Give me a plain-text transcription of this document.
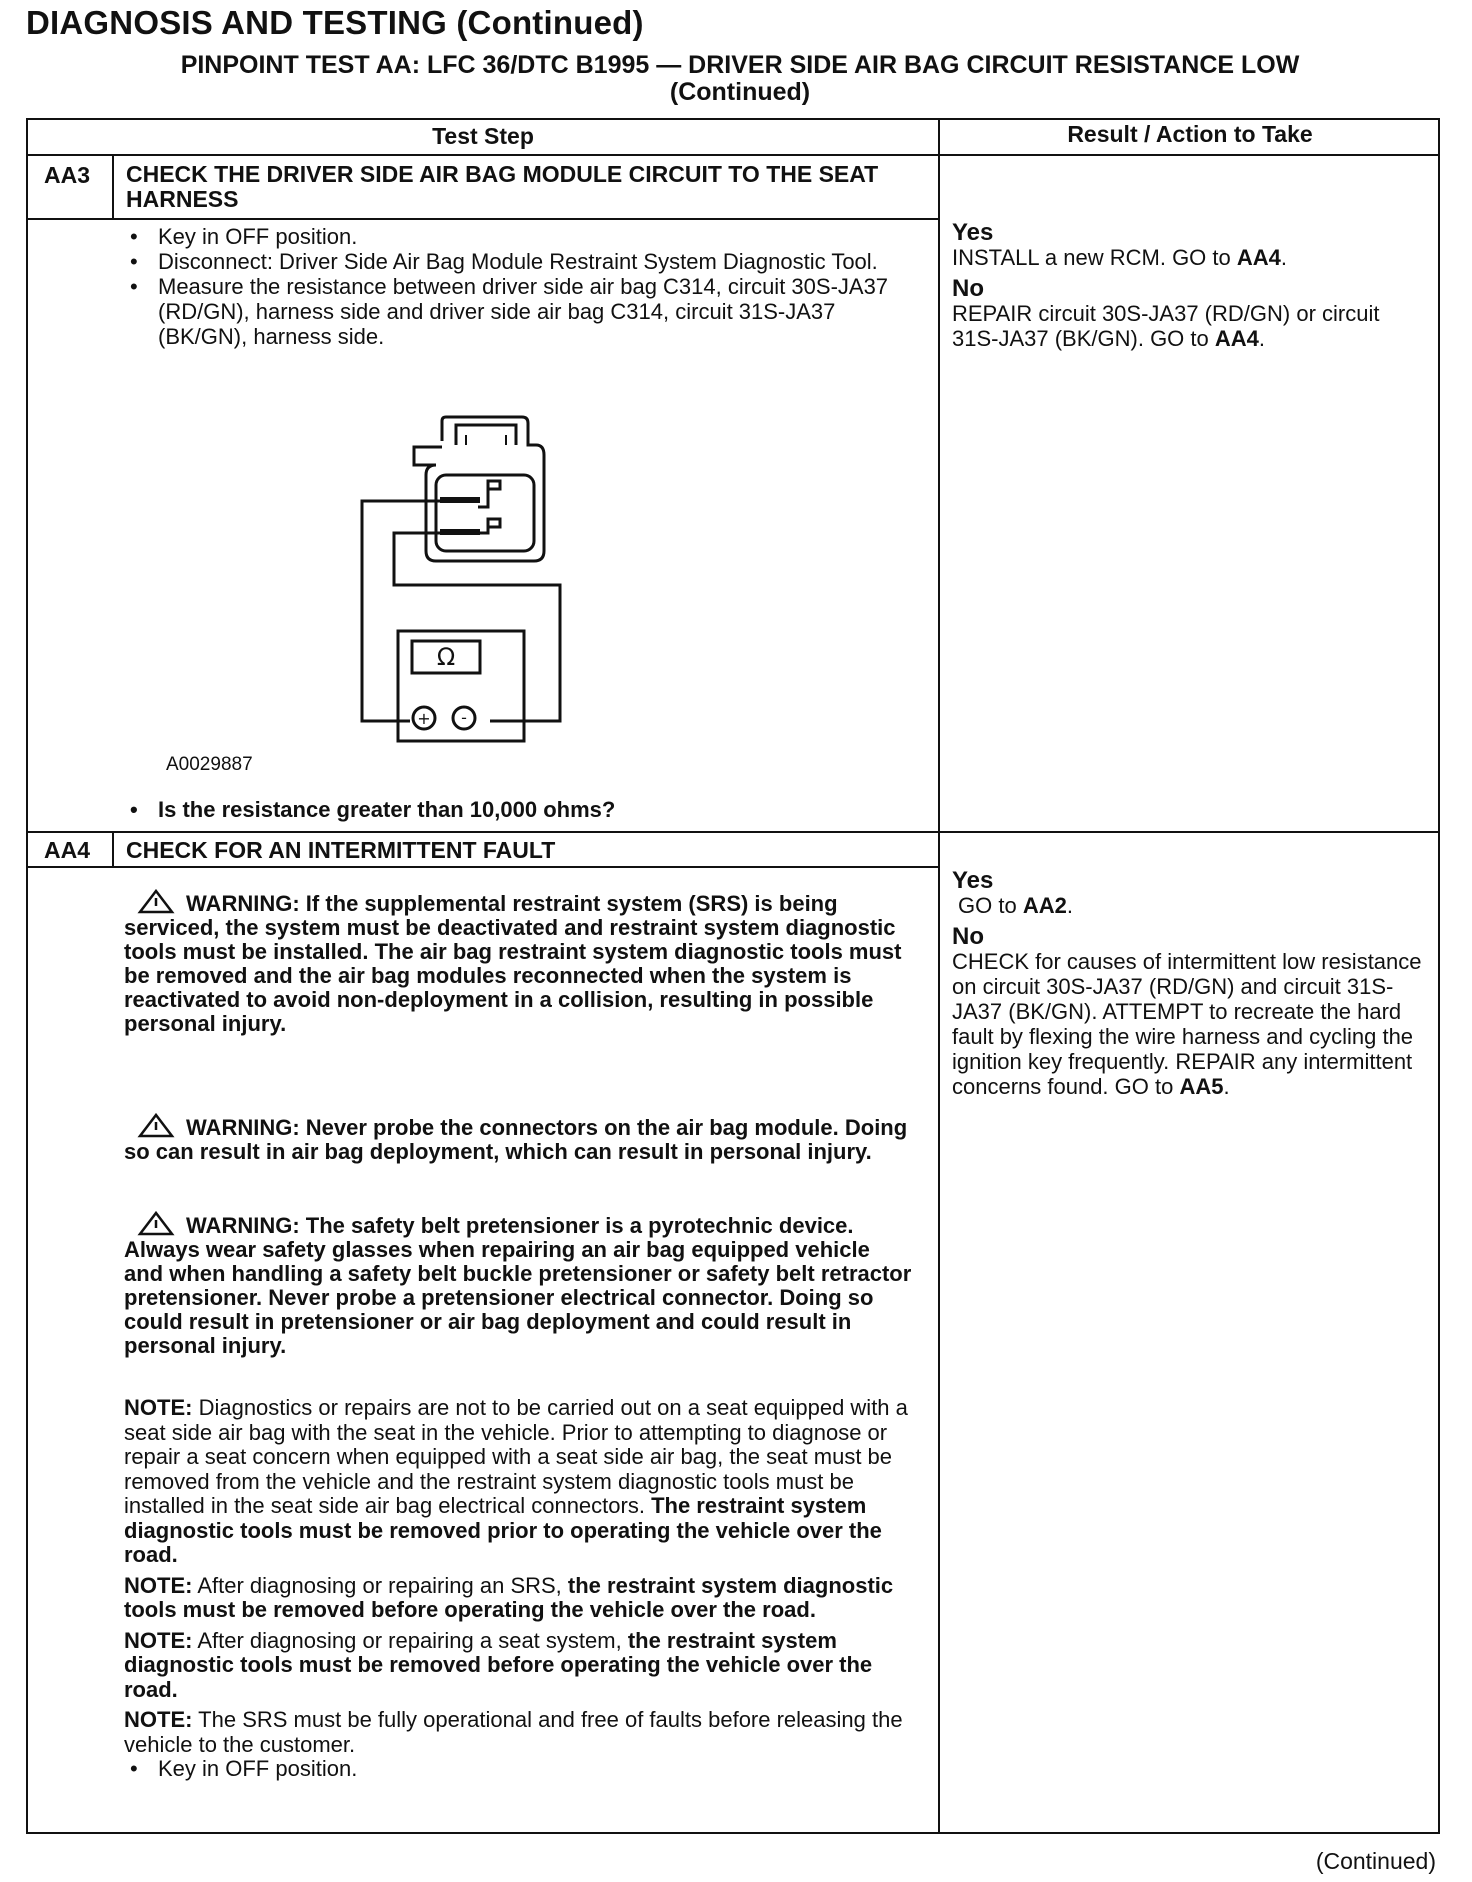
DIAGNOSIS AND TESTING (Continued)
PINPOINT TEST AA: LFC 36/DTC B1995 — DRIVER SIDE AIR BAG CIRCUIT RESISTANCE LOW
(Continued)
Test Step	Result / Action to Take
AA3 CHECK THE DRIVER SIDE AIR BAG MODULE CIRCUIT TO THE SEAT HARNESS
• Key in OFF position.
• Disconnect: Driver Side Air Bag Module Restraint System Diagnostic Tool.
• Measure the resistance between driver side air bag C314, circuit 30S-JA37 (RD/GN), harness side and driver side air bag C314, circuit 31S-JA37 (BK/GN), harness side.
Ω
+ -
A0029887
• Is the resistance greater than 10,000 ohms?
Yes
INSTALL a new RCM. GO to AA4.
No
REPAIR circuit 30S-JA37 (RD/GN) or circuit 31S-JA37 (BK/GN). GO to AA4.
AA4 CHECK FOR AN INTERMITTENT FAULT
WARNING: If the supplemental restraint system (SRS) is being serviced, the system must be deactivated and restraint system diagnostic tools must be installed. The air bag restraint system diagnostic tools must be removed and the air bag modules reconnected when the system is reactivated to avoid non-deployment in a collision, resulting in possible personal injury.
WARNING: Never probe the connectors on the air bag module. Doing so can result in air bag deployment, which can result in personal injury.
WARNING: The safety belt pretensioner is a pyrotechnic device. Always wear safety glasses when repairing an air bag equipped vehicle and when handling a safety belt buckle pretensioner or safety belt retractor pretensioner. Never probe a pretensioner electrical connector. Doing so could result in pretensioner or air bag deployment and could result in personal injury.
NOTE: Diagnostics or repairs are not to be carried out on a seat equipped with a seat side air bag with the seat in the vehicle. Prior to attempting to diagnose or repair a seat concern when equipped with a seat side air bag, the seat must be removed from the vehicle and the restraint system diagnostic tools must be installed in the seat side air bag electrical connectors. The restraint system diagnostic tools must be removed prior to operating the vehicle over the road.
NOTE: After diagnosing or repairing an SRS, the restraint system diagnostic tools must be removed before operating the vehicle over the road.
NOTE: After diagnosing or repairing a seat system, the restraint system diagnostic tools must be removed before operating the vehicle over the road.
NOTE: The SRS must be fully operational and free of faults before releasing the vehicle to the customer.
• Key in OFF position.
Yes
GO to AA2.
No
CHECK for causes of intermittent low resistance on circuit 30S-JA37 (RD/GN) and circuit 31S-JA37 (BK/GN). ATTEMPT to recreate the hard fault by flexing the wire harness and cycling the ignition key frequently. REPAIR any intermittent concerns found. GO to AA5.
(Continued)
